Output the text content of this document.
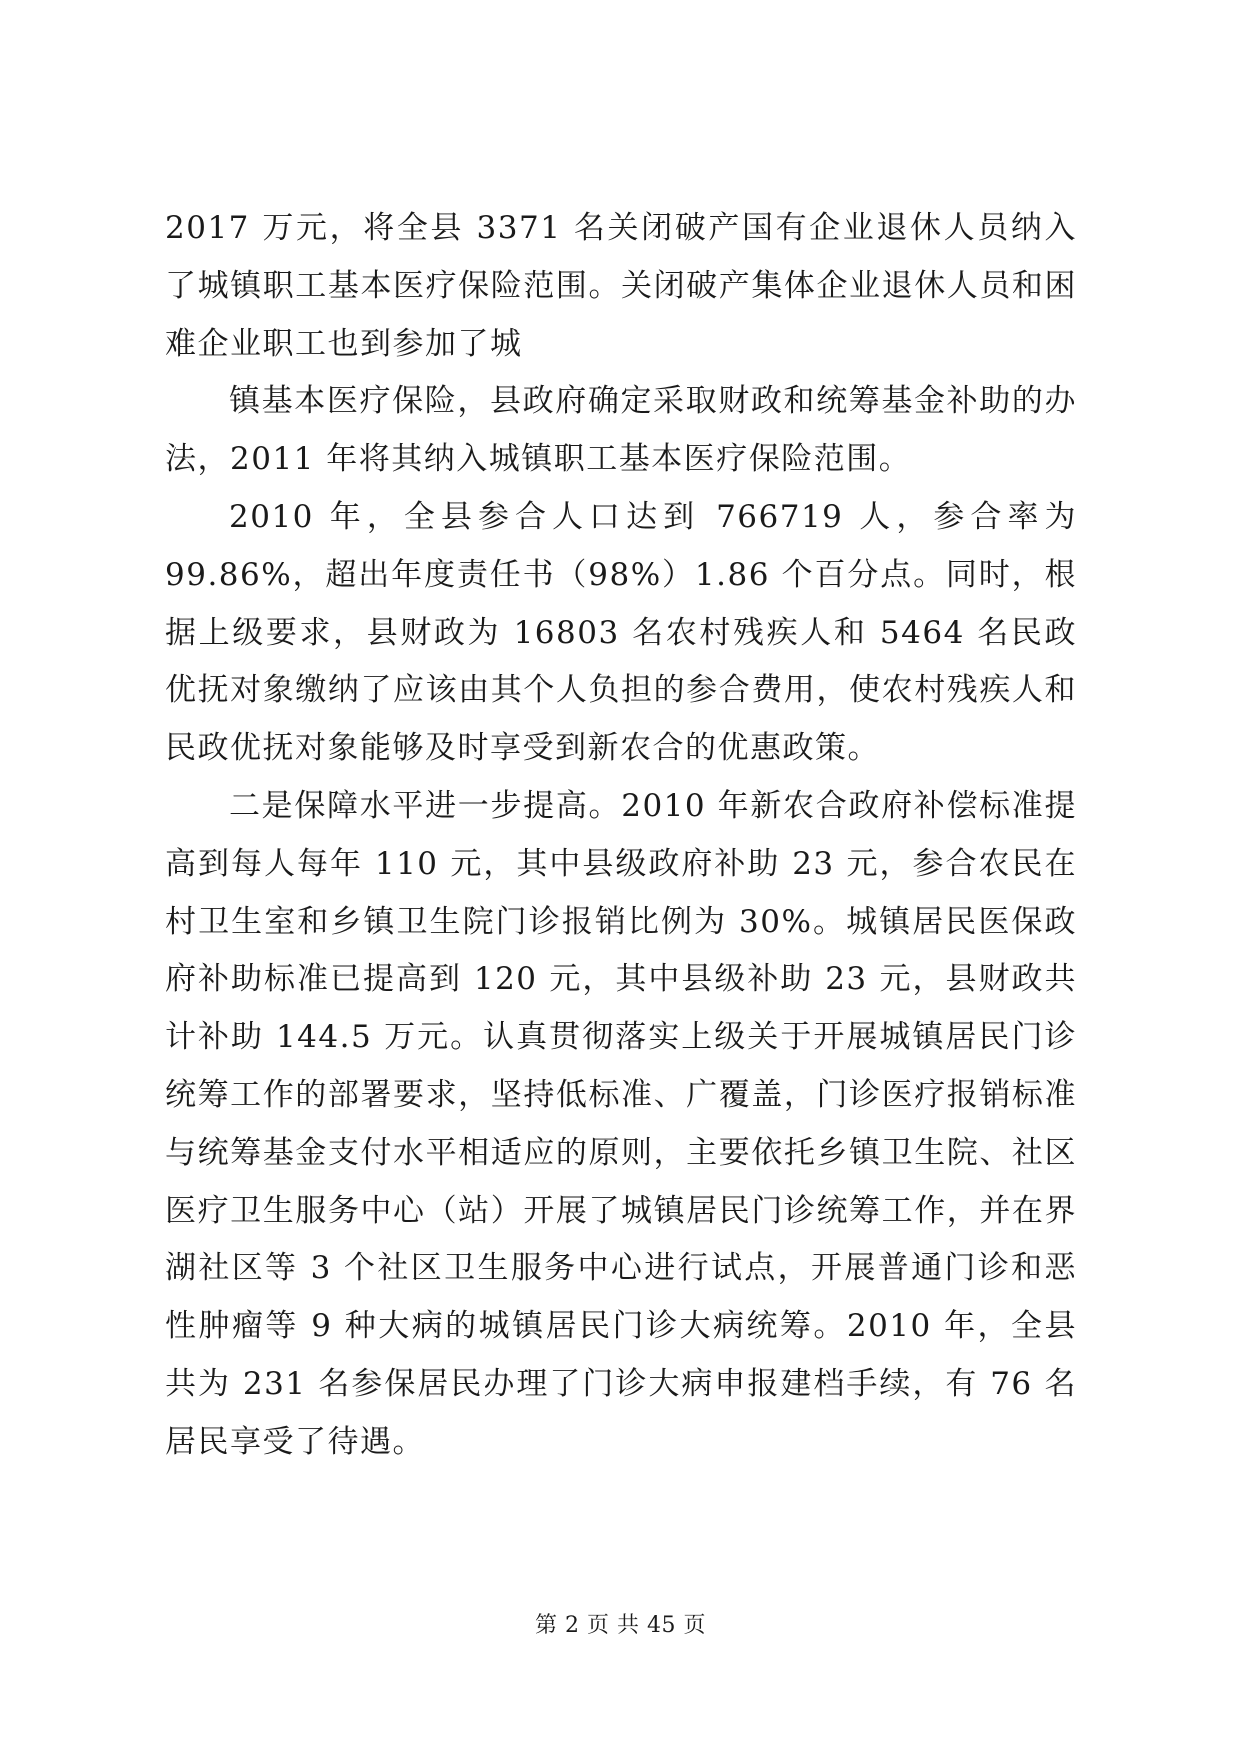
2017 万元，将全县 3371 名关闭破产国有企业退休人员纳入了城镇职工基本医疗保险范围。关闭破产集体企业退休人员和困难企业职工也到参加了城

镇基本医疗保险，县政府确定采取财政和统筹基金补助的办法，2011 年将其纳入城镇职工基本医疗保险范围。

2010 年，全县参合人口达到 766719 人，参合率为 99.86%，超出年度责任书（98%）1.86 个百分点。同时，根据上级要求，县财政为 16803 名农村残疾人和 5464 名民政优抚对象缴纳了应该由其个人负担的参合费用，使农村残疾人和民政优抚对象能够及时享受到新农合的优惠政策。

二是保障水平进一步提高。2010 年新农合政府补偿标准提高到每人每年 110 元，其中县级政府补助 23 元，参合农民在村卫生室和乡镇卫生院门诊报销比例为 30%。城镇居民医保政府补助标准已提高到 120 元，其中县级补助 23 元，县财政共计补助 144.5 万元。认真贯彻落实上级关于开展城镇居民门诊统筹工作的部署要求，坚持低标准、广覆盖，门诊医疗报销标准与统筹基金支付水平相适应的原则，主要依托乡镇卫生院、社区医疗卫生服务中心（站）开展了城镇居民门诊统筹工作，并在界湖社区等 3 个社区卫生服务中心进行试点，开展普通门诊和恶性肿瘤等 9 种大病的城镇居民门诊大病统筹。2010 年，全县共为 231 名参保居民办理了门诊大病申报建档手续，有 76 名居民享受了待遇。

第 2 页 共 45 页
